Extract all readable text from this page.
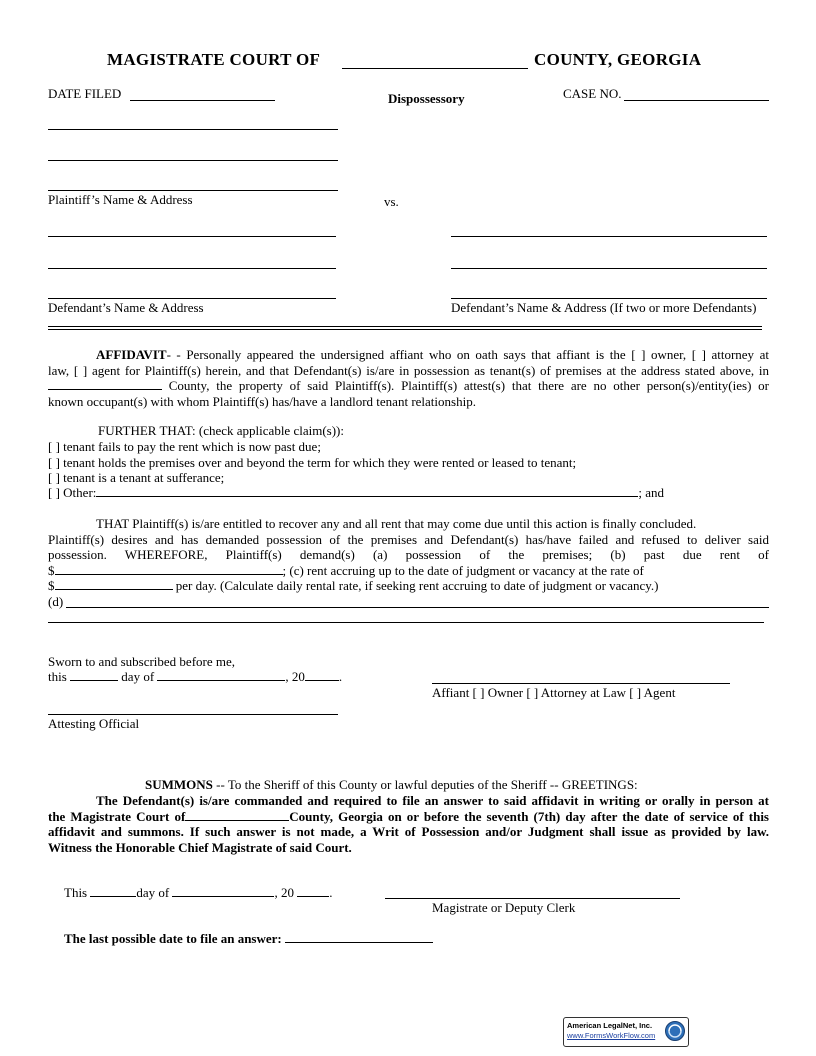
MAGISTRATE COURT OF	COUNTY, GEORGIA
DATE FILED	Dispossessory	CASE NO.
Plaintiff’s Name & Address	vs.
Defendant’s Name & Address	Defendant’s Name & Address (If two or more Defendants)
AFFIDAVIT- - Personally appeared the undersigned affiant who on oath says that affiant is the [ ] owner, [ ] attorney at
law, [ ] agent for Plaintiff(s) herein, and that Defendant(s) is/are in possession as tenant(s) of premises at the address stated above, in
County, the property of said Plaintiff(s). Plaintiff(s) attest(s) that there are no other person(s)/entity(ies) or
known occupant(s) with whom Plaintiff(s) has/have a landlord tenant relationship.
FURTHER THAT: (check applicable claim(s)):
[ ] tenant fails to pay the rent which is now past due;
[ ] tenant holds the premises over and beyond the term for which they were rented or leased to tenant;
[ ] tenant is a tenant at sufferance;
[ ] Other:	; and
THAT Plaintiff(s) is/are entitled to recover any and all rent that may come due until this action is finally concluded.
Plaintiff(s) desires and has demanded possession of the premises and Defendant(s) has/have failed and refused to deliver said
possession.     WHEREFORE,     Plaintiff(s)     demand(s)     (a)     possession     of     the     premises;     (b)     past     due     rent     of
$	; (c) rent accruing up to the date of judgment or vacancy at the rate of
$	per day. (Calculate daily rental rate, if seeking rent accruing to date of judgment or vacancy.)
(d)
Sworn to and subscribed before me,
this	day of	, 20	.
Affiant [ ] Owner [ ] Attorney at Law [ ] Agent
Attesting Official
SUMMONS -- To the Sheriff of this County or lawful deputies of the Sheriff -- GREETINGS:
The Defendant(s) is/are commanded and required to file an answer to said affidavit in writing or orally in person at
the Magistrate Court of	County, Georgia on or before the seventh (7th) day after the date of service of this
affidavit and summons. If such answer is not made, a Writ of Possession and/or Judgment shall issue as provided by law.
Witness the Honorable Chief Magistrate of said Court.
This	day of	, 20	.
Magistrate or Deputy Clerk
The last possible date to file an answer:
American LegalNet, Inc.
www.FormsWorkFlow.com
